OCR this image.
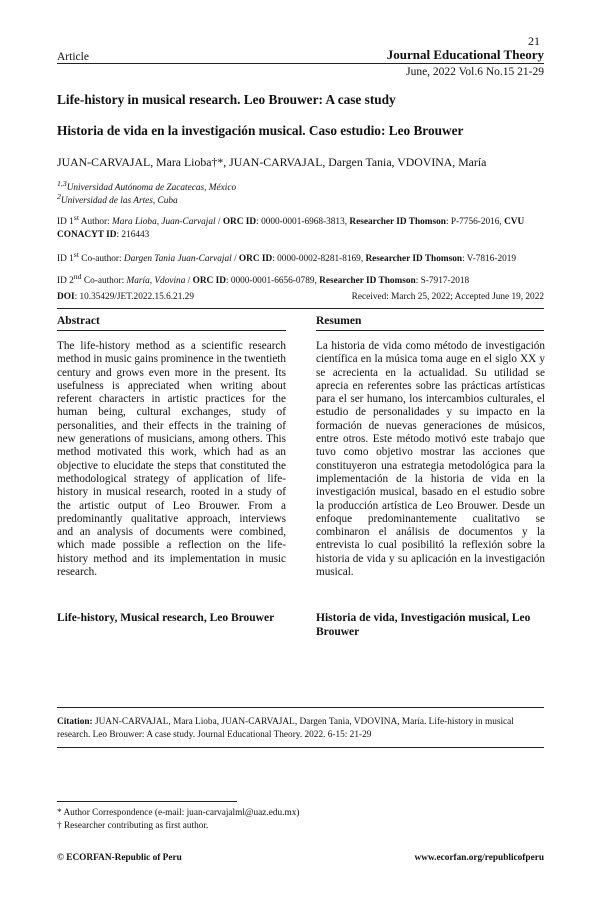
21
Article	Journal Educational Theory
June, 2022 Vol.6 No.15 21-29
Life-history in musical research. Leo Brouwer: A case study
Historia de vida en la investigación musical. Caso estudio: Leo Brouwer
JUAN-CARVAJAL, Mara Lioba†*, JUAN-CARVAJAL, Dargen Tania, VDOVINA, María
$^{1,3}$Universidad Autónoma de Zacatecas, México
$^2$Universidad de las Artes, Cuba
ID 1st Author: Mara Lioba, Juan-Carvajal / ORC ID: 0000-0001-6968-3813, Researcher ID Thomson: P-7756-2016, CVU CONACYT ID: 216443
ID 1st Co-author: Dargen Tania Juan-Carvajal / ORC ID: 0000-0002-8281-8169, Researcher ID Thomson: V-7816-2019
ID 2nd Co-author: María, Vdovina / ORC ID: 0000-0001-6656-0789, Researcher ID Thomson: S-7917-2018
DOI: 10.35429/JET.2022.15.6.21.29	Received: March 25, 2022; Accepted June 19, 2022
Abstract	Resumen
The life-history method as a scientific research method in music gains prominence in the twentieth century and grows even more in the present. Its usefulness is appreciated when writing about referent characters in artistic practices for the human being, cultural exchanges, study of personalities, and their effects in the training of new generations of musicians, among others. This method motivated this work, which had as an objective to elucidate the steps that constituted the methodological strategy of application of life-history in musical research, rooted in a study of the artistic output of Leo Brouwer. From a predominantly qualitative approach, interviews and an analysis of documents were combined, which made possible a reflection on the life-history method and its implementation in music research.
La historia de vida como método de investigación científica en la música toma auge en el siglo XX y se acrecienta en la actualidad. Su utilidad se aprecia en referentes sobre las prácticas artísticas para el ser humano, los intercambios culturales, el estudio de personalidades y su impacto en la formación de nuevas generaciones de músicos, entre otros. Este método motivó este trabajo que tuvo como objetivo mostrar las acciones que constituyeron una estrategia metodológica para la implementación de la historia de vida en la investigación musical, basado en el estudio sobre la producción artística de Leo Brouwer. Desde un enfoque predominantemente cualitativo se combinaron el análisis de documentos y la entrevista lo cual posibilitó la reflexión sobre la historia de vida y su aplicación en la investigación musical.
Life-history, Musical research, Leo Brouwer	Historia de vida, Investigación musical, Leo Brouwer
Citation: JUAN-CARVAJAL, Mara Lioba, JUAN-CARVAJAL, Dargen Tania, VDOVINA, María. Life-history in musical research. Leo Brouwer: A case study. Journal Educational Theory. 2022. 6-15: 21-29
* Author Correspondence (e-mail: juan-carvajalml@uaz.edu.mx)
† Researcher contributing as first author.
© ECORFAN-Republic of Peru	www.ecorfan.org/republicofperu
